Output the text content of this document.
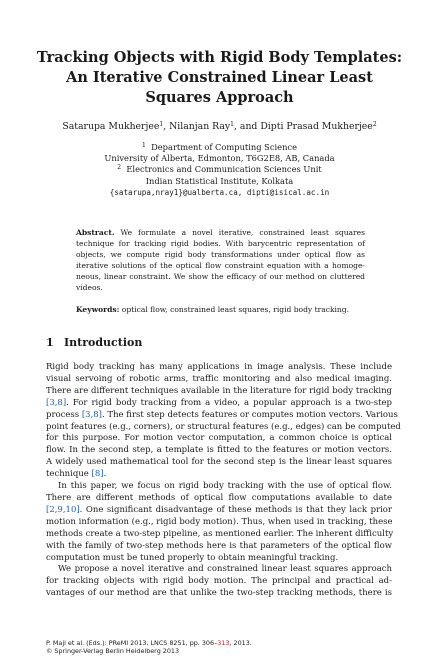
Tracking Objects with Rigid Body Templates:
An Iterative Constrained Linear Least
Squares Approach
Satarupa Mukherjee$^1$, Nilanjan Ray$^1$, and Dipti Prasad Mukherjee$^2$
$^1$ Department of Computing Science
University of Alberta, Edmonton, T6G2E8, AB, Canada
$^2$ Electronics and Communication Sciences Unit
Indian Statistical Institute, Kolkata
{satarupa,nray1}@ualberta.ca, dipti@isical.ac.in
Abstract. We formulate a novel iterative, constrained least squares
technique for tracking rigid bodies. With barycentric representation of
objects, we compute rigid body transformations under optical flow as
iterative solutions of the optical flow constraint equation with a homoge-
neous, linear constraint. We show the efficacy of our method on cluttered
videos.
Keywords: optical flow, constrained least squares, rigid body tracking.
1 Introduction
Rigid body tracking has many applications in image analysis. These include
visual servoing of robotic arms, traffic monitoring and also medical imaging.
There are different techniques available in the literature for rigid body tracking
[3,8]. For rigid body tracking from a video, a popular approach is a two-step
process [3,8]. The first step detects features or computes motion vectors. Various
point features (e.g., corners), or structural features (e.g., edges) can be computed
for this purpose. For motion vector computation, a common choice is optical
flow. In the second step, a template is fitted to the features or motion vectors.
A widely used mathematical tool for the second step is the linear least squares
technique [8].
In this paper, we focus on rigid body tracking with the use of optical flow.
There are different methods of optical flow computations available to date
[2,9,10]. One significant disadvantage of these methods is that they lack prior
motion information (e.g., rigid body motion). Thus, when used in tracking, these
methods create a two-step pipeline, as mentioned earlier. The inherent difficulty
with the family of two-step methods here is that parameters of the optical flow
computation must be tuned properly to obtain meaningful tracking.
We propose a novel iterative and constrained linear least squares approach
for tracking objects with rigid body motion. The principal and practical ad-
vantages of our method are that unlike the two-step tracking methods, there is
P. Maji et al. (Eds.): PReMI 2013, LNCS 8251, pp. 306–313, 2013.
© Springer-Verlag Berlin Heidelberg 2013
